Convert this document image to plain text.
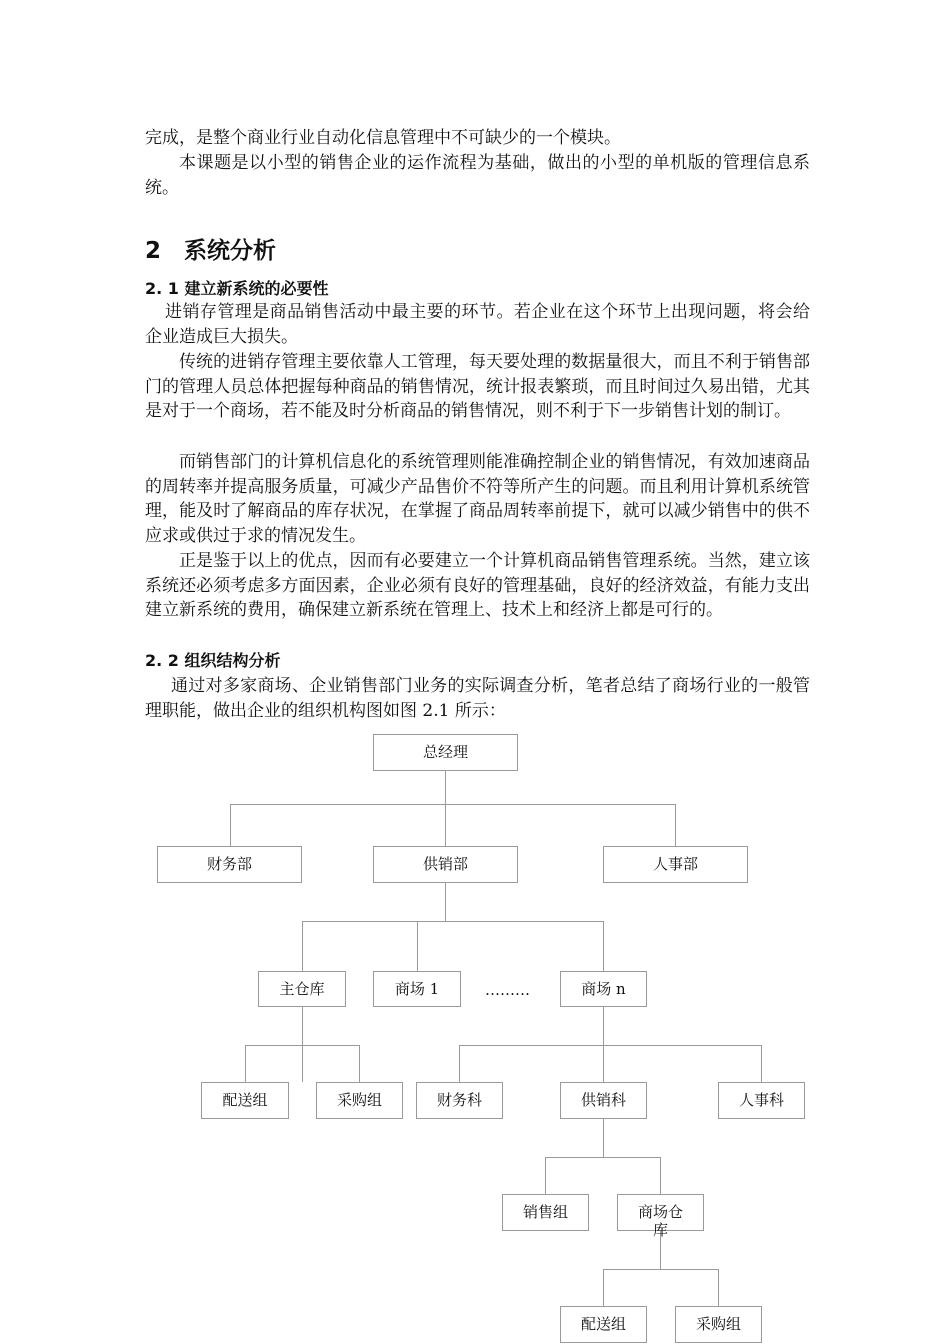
完成，是整个商业行业自动化信息管理中不可缺少的一个模块。

本课题是以小型的销售企业的运作流程为基础，做出的小型的单机版的管理信息系统。

2　系统分析
2. 1 建立新系统的必要性

进销存管理是商品销售活动中最主要的环节。若企业在这个环节上出现问题，将会给企业造成巨大损失。

传统的进销存管理主要依靠人工管理，每天要处理的数据量很大，而且不利于销售部门的管理人员总体把握每种商品的销售情况，统计报表繁琐，而且时间过久易出错，尤其是对于一个商场，若不能及时分析商品的销售情况，则不利于下一步销售计划的制订。

而销售部门的计算机信息化的系统管理则能准确控制企业的销售情况，有效加速商品的周转率并提高服务质量，可减少产品售价不符等所产生的问题。而且利用计算机系统管理，能及时了解商品的库存状况，在掌握了商品周转率前提下，就可以减少销售中的供不应求或供过于求的情况发生。

正是鉴于以上的优点，因而有必要建立一个计算机商品销售管理系统。当然，建立该系统还必须考虑多方面因素，企业必须有良好的管理基础，良好的经济效益，有能力支出建立新系统的费用，确保建立新系统在管理上、技术上和经济上都是可行的。

2. 2 组织结构分析

通过对多家商场、企业销售部门业务的实际调查分析，笔者总结了商场行业的一般管理职能，做出企业的组织机构图如图 2.1 所示：

总经理
财务部	供销部	人事部
主仓库	商场 1	………	商场 n
配送组	采购组	财务科	供销科	人事科
销售组	商场仓库
配送组	采购组
